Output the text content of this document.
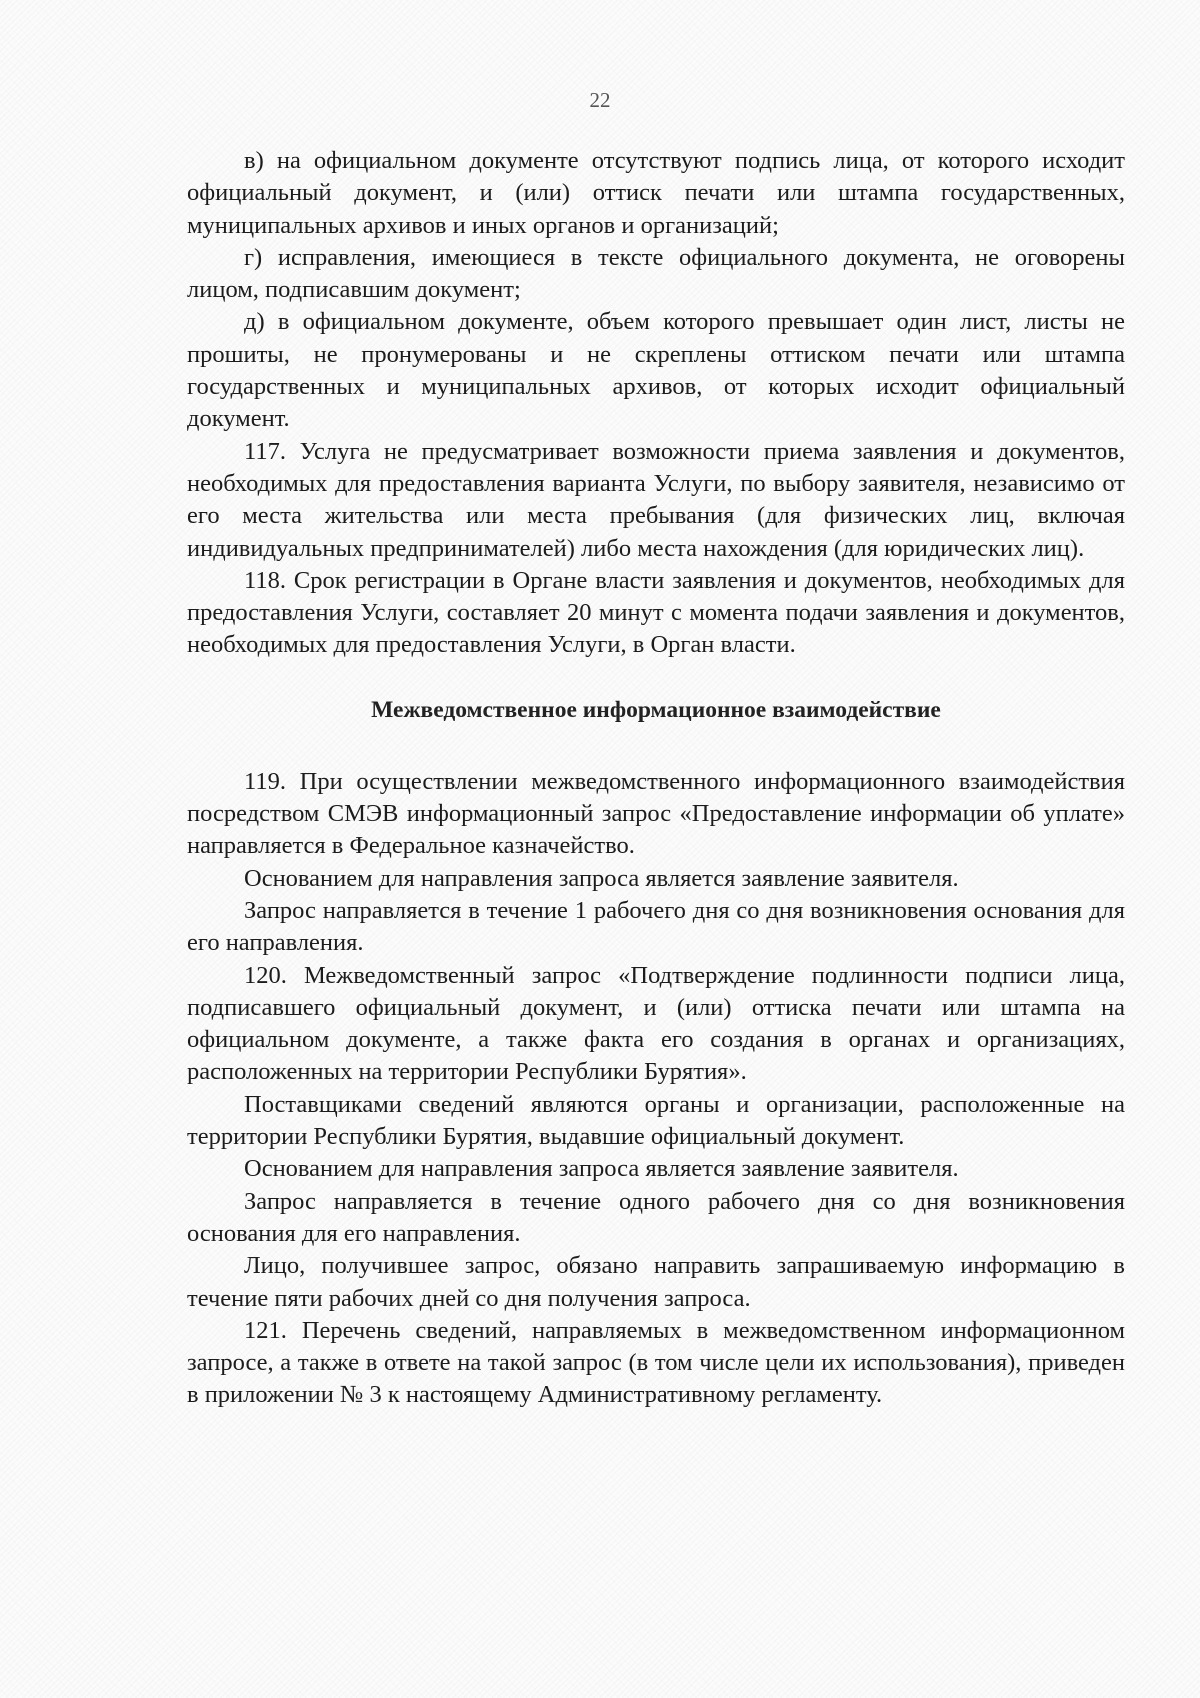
22

в) на официальном документе отсутствуют подпись лица, от которого исходит официальный документ, и (или) оттиск печати или штампа государственных, муниципальных архивов и иных органов и организаций;

г) исправления, имеющиеся в тексте официального документа, не оговорены лицом, подписавшим документ;

д) в официальном документе, объем которого превышает один лист, листы не прошиты, не пронумерованы и не скреплены оттиском печати или штампа государственных и муниципальных архивов, от которых исходит официальный документ.

117. Услуга не предусматривает возможности приема заявления и документов, необходимых для предоставления варианта Услуги, по выбору заявителя, независимо от его места жительства или места пребывания (для физических лиц, включая индивидуальных предпринимателей) либо места нахождения (для юридических лиц).

118. Срок регистрации в Органе власти заявления и документов, необходимых для предоставления Услуги, составляет 20 минут с момента подачи заявления и документов, необходимых для предоставления Услуги, в Орган власти.

Межведомственное информационное взаимодействие

119. При осуществлении межведомственного информационного взаимодействия посредством СМЭВ информационный запрос «Предоставление информации об уплате» направляется в Федеральное казначейство.

Основанием для направления запроса является заявление заявителя.

Запрос направляется в течение 1 рабочего дня со дня возникновения основания для его направления.

120. Межведомственный запрос «Подтверждение подлинности подписи лица, подписавшего официальный документ, и (или) оттиска печати или штампа на официальном документе, а также факта его создания в органах и организациях, расположенных на территории Республики Бурятия».

Поставщиками сведений являются органы и организации, расположенные на территории Республики Бурятия, выдавшие официальный документ.

Основанием для направления запроса является заявление заявителя.

Запрос направляется в течение одного рабочего дня со дня возникновения основания для его направления.

Лицо, получившее запрос, обязано направить запрашиваемую информацию в течение пяти рабочих дней со дня получения запроса.

121. Перечень сведений, направляемых в межведомственном информационном запросе, а также в ответе на такой запрос (в том числе цели их использования), приведен в приложении № 3 к настоящему Административному регламенту.
